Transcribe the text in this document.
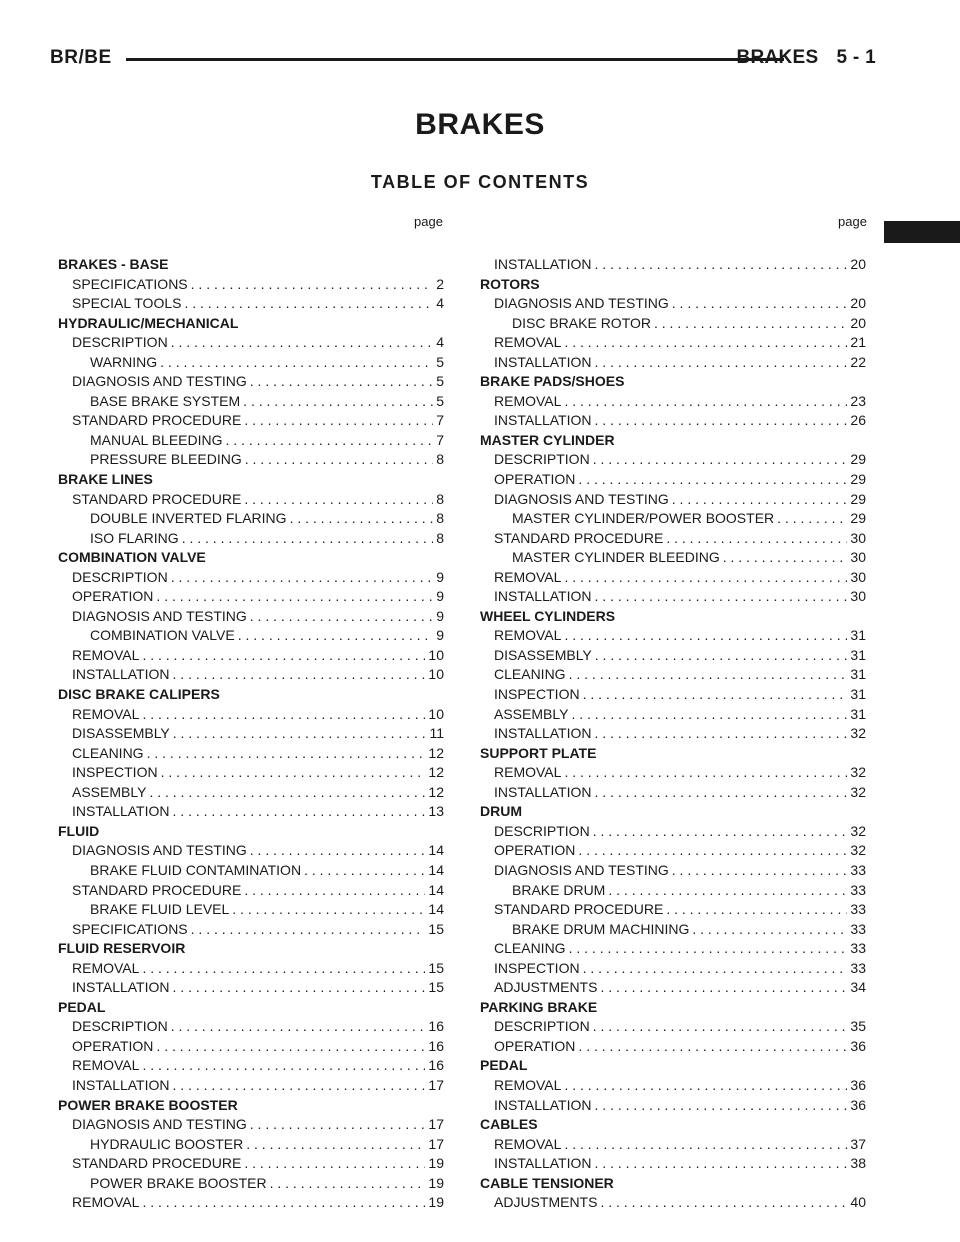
BR/BE	BRAKES 5 - 1
BRAKES
TABLE OF CONTENTS
page	page
BRAKES - BASE
SPECIFICATIONS . . .	2
SPECIAL TOOLS . . .	4
HYDRAULIC/MECHANICAL
DESCRIPTION . . .	4
WARNING . . .	5
DIAGNOSIS AND TESTING . . .	5
BASE BRAKE SYSTEM . . .	5
STANDARD PROCEDURE . . .	7
MANUAL BLEEDING . . .	7
PRESSURE BLEEDING . . .	8
BRAKE LINES
STANDARD PROCEDURE . . .	8
DOUBLE INVERTED FLARING . . .	8
ISO FLARING . . .	8
COMBINATION VALVE
DESCRIPTION . . .	9
OPERATION . . .	9
DIAGNOSIS AND TESTING . . .	9
COMBINATION VALVE . . .	9
REMOVAL . . .	10
INSTALLATION . . .	10
DISC BRAKE CALIPERS
REMOVAL . . .	10
DISASSEMBLY . . .	11
CLEANING . . .	12
INSPECTION . . .	12
ASSEMBLY . . .	12
INSTALLATION . . .	13
FLUID
DIAGNOSIS AND TESTING . . .	14
BRAKE FLUID CONTAMINATION . . .	14
STANDARD PROCEDURE . . .	14
BRAKE FLUID LEVEL . . .	14
SPECIFICATIONS . . .	15
FLUID RESERVOIR
REMOVAL . . .	15
INSTALLATION . . .	15
PEDAL
DESCRIPTION . . .	16
OPERATION . . .	16
REMOVAL . . .	16
INSTALLATION . . .	17
POWER BRAKE BOOSTER
DIAGNOSIS AND TESTING . . .	17
HYDRAULIC BOOSTER . . .	17
STANDARD PROCEDURE . . .	19
POWER BRAKE BOOSTER . . .	19
REMOVAL . . .	19
INSTALLATION . . .	20
ROTORS
DIAGNOSIS AND TESTING . . .	20
DISC BRAKE ROTOR . . .	20
REMOVAL . . .	21
INSTALLATION . . .	22
BRAKE PADS/SHOES
REMOVAL . . .	23
INSTALLATION . . .	26
MASTER CYLINDER
DESCRIPTION . . .	29
OPERATION . . .	29
DIAGNOSIS AND TESTING . . .	29
MASTER CYLINDER/POWER BOOSTER . . .	29
STANDARD PROCEDURE . . .	30
MASTER CYLINDER BLEEDING . . .	30
REMOVAL . . .	30
INSTALLATION . . .	30
WHEEL CYLINDERS
REMOVAL . . .	31
DISASSEMBLY . . .	31
CLEANING . . .	31
INSPECTION . . .	31
ASSEMBLY . . .	31
INSTALLATION . . .	32
SUPPORT PLATE
REMOVAL . . .	32
INSTALLATION . . .	32
DRUM
DESCRIPTION . . .	32
OPERATION . . .	32
DIAGNOSIS AND TESTING . . .	33
BRAKE DRUM . . .	33
STANDARD PROCEDURE . . .	33
BRAKE DRUM MACHINING . . .	33
CLEANING . . .	33
INSPECTION . . .	33
ADJUSTMENTS . . .	34
PARKING BRAKE
DESCRIPTION . . .	35
OPERATION . . .	36
PEDAL
REMOVAL . . .	36
INSTALLATION . . .	36
CABLES
REMOVAL . . .	37
INSTALLATION . . .	38
CABLE TENSIONER
ADJUSTMENTS . . .	40
